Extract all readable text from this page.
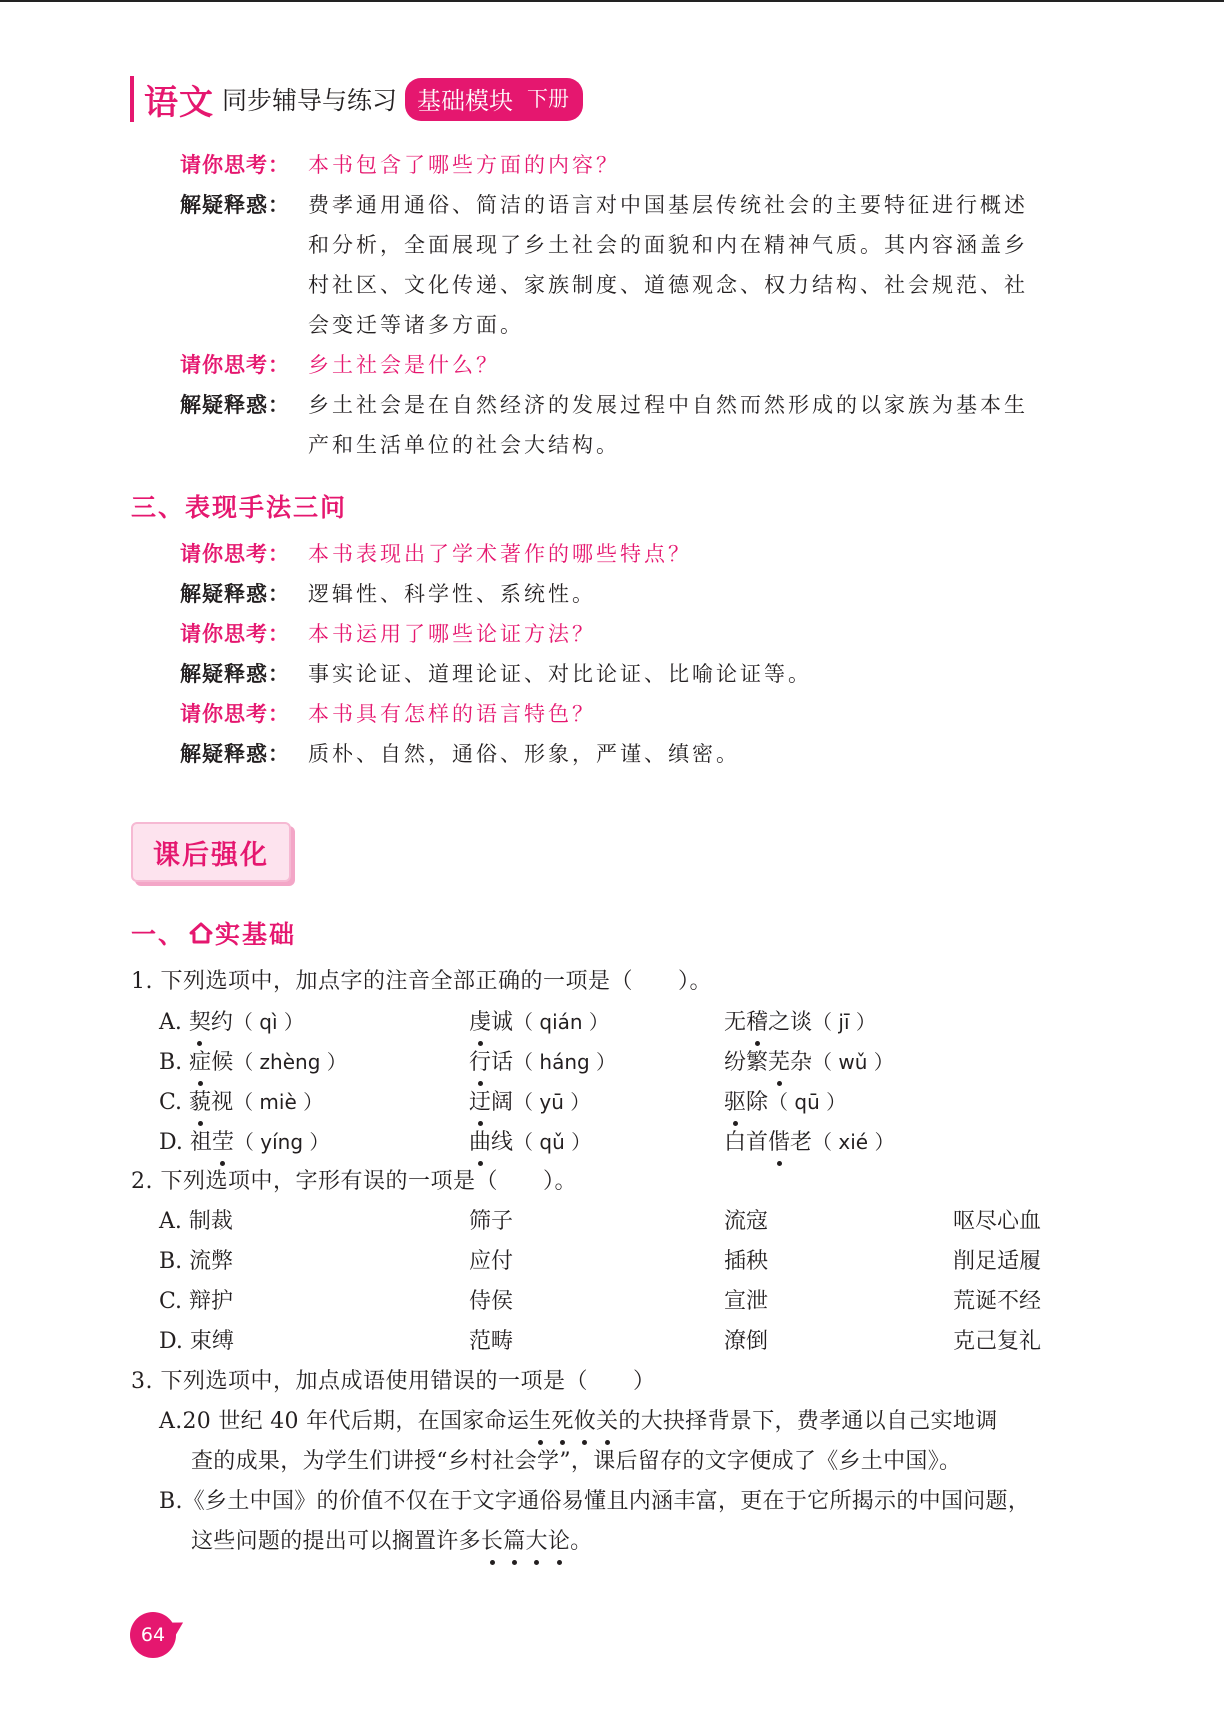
语文 同步辅导与练习 基础模块 下册
请你思考： 本书包含了哪些方面的内容？
解疑释惑： 费孝通用通俗、简洁的语言对中国基层传统社会的主要特征进行概述
和分析，全面展现了乡土社会的面貌和内在精神气质。其内容涵盖乡
村社区、文化传递、家族制度、道德观念、权力结构、社会规范、社
会变迁等诸多方面。
请你思考： 乡土社会是什么？
解疑释惑： 乡土社会是在自然经济的发展过程中自然而然形成的以家族为基本生
产和生活单位的社会大结构。
三、表现手法三问
请你思考： 本书表现出了学术著作的哪些特点？
解疑释惑： 逻辑性、科学性、系统性。
请你思考： 本书运用了哪些论证方法？
解疑释惑： 事实论证、道理论证、对比论证、比喻论证等。
请你思考： 本书具有怎样的语言特色？
解疑释惑： 质朴、自然，通俗、形象，严谨、缜密。
课后强化
一、 实基础
1. 下列选项中，加点字的注音全部正确的一项是（　　）。
A. 契约（ qì ）	虔诚（ qián ）	无稽之谈（ jī ）
B. 症候（ zhèng ）	行话（ háng ）	纷繁芜杂（ wǔ ）
C. 藐视（ miè ）	迂阔（ yū ）	驱除（ qū ）
D. 祖茔（ yíng ）	曲线（ qǔ ）	白首偕老（ xié ）
2. 下列选项中，字形有误的一项是（　　）。
A. 制裁	筛子	流寇	呕尽心血
B. 流弊	应付	插秧	削足适履
C. 辩护	侍侯	宣泄	荒诞不经
D. 束缚	范畴	潦倒	克己复礼
3. 下列选项中，加点成语使用错误的一项是（　　）
A.20 世纪 40 年代后期，在国家命运生死攸关的大抉择背景下，费孝通以自己实地调
查的成果，为学生们讲授“乡村社会学”，课后留存的文字便成了《乡土中国》。
B.《乡土中国》的价值不仅在于文字通俗易懂且内涵丰富，更在于它所揭示的中国问题，
这些问题的提出可以搁置许多长篇大论。
64
